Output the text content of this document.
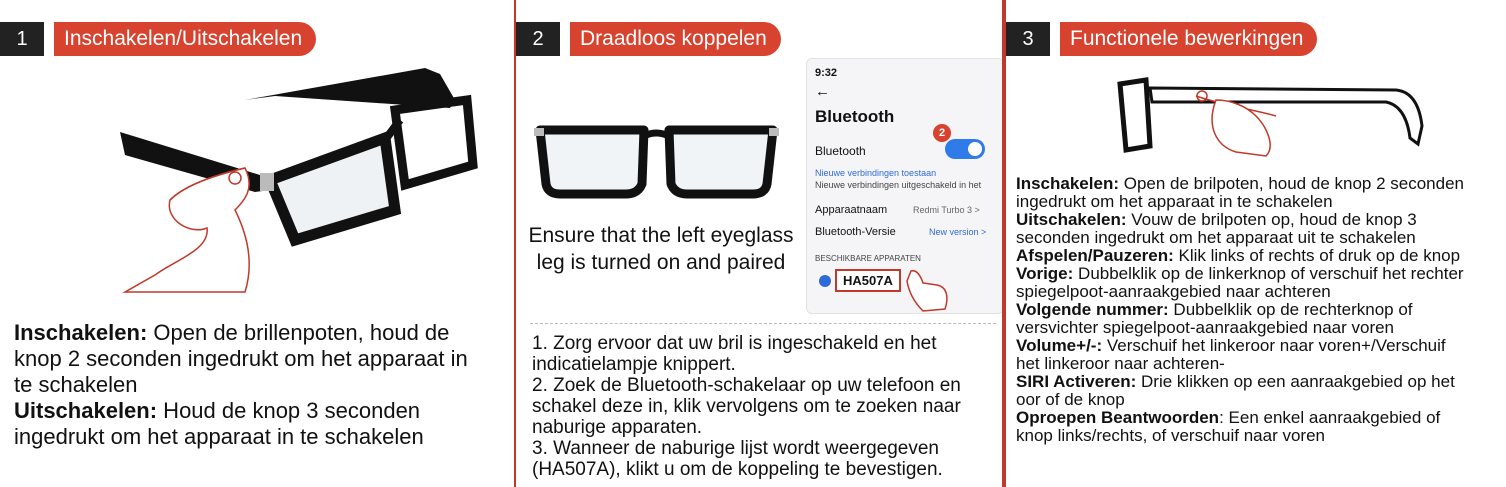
1	Inschakelen/Uitschakelen
Inschakelen: Open de brillenpoten, houd de
knop 2 seconden ingedrukt om het apparaat in
te schakelen
Uitschakelen: Houd de knop 3 seconden
ingedrukt om het apparaat in te schakelen
2	Draadloos koppelen
Ensure that the left eyeglass
leg is turned on and paired
9:32
←
Bluetooth
Bluetooth
2
Nieuwe verbindingen toestaan
Nieuwe verbindingen uitgeschakeld in het
Apparaatnaam	Redmi Turbo 3 >
Bluetooth-Versie	New version >
BESCHIKBARE APPARATEN
HA507A
1. Zorg ervoor dat uw bril is ingeschakeld en het
indicatielampje knippert.
2. Zoek de Bluetooth-schakelaar op uw telefoon en
schakel deze in, klik vervolgens om te zoeken naar
naburige apparaten.
3. Wanneer de naburige lijst wordt weergegeven
(HA507A), klikt u om de koppeling te bevestigen.
3	Functionele bewerkingen
Inschakelen: Open de brilpoten, houd de knop 2 seconden
ingedrukt om het apparaat in te schakelen
Uitschakelen: Vouw de brilpoten op, houd de knop 3
seconden ingedrukt om het apparaat uit te schakelen
Afspelen/Pauzeren: Klik links of rechts of druk op de knop
Vorige: Dubbelklik op de linkerknop of verschuif het rechter
spiegelpoot-aanraakgebied naar achteren
Volgende nummer: Dubbelklik op de rechterknop of
versvichter spiegelpoot-aanraakgebied naar voren
Volume+/-: Verschuif het linkeroor naar voren+/Verschuif
het linkeroor naar achteren-
SIRI Activeren: Drie klikken op een aanraakgebied op het
oor of de knop
Oproepen Beantwoorden: Een enkel aanraakgebied of
knop links/rechts, of verschuif naar voren
